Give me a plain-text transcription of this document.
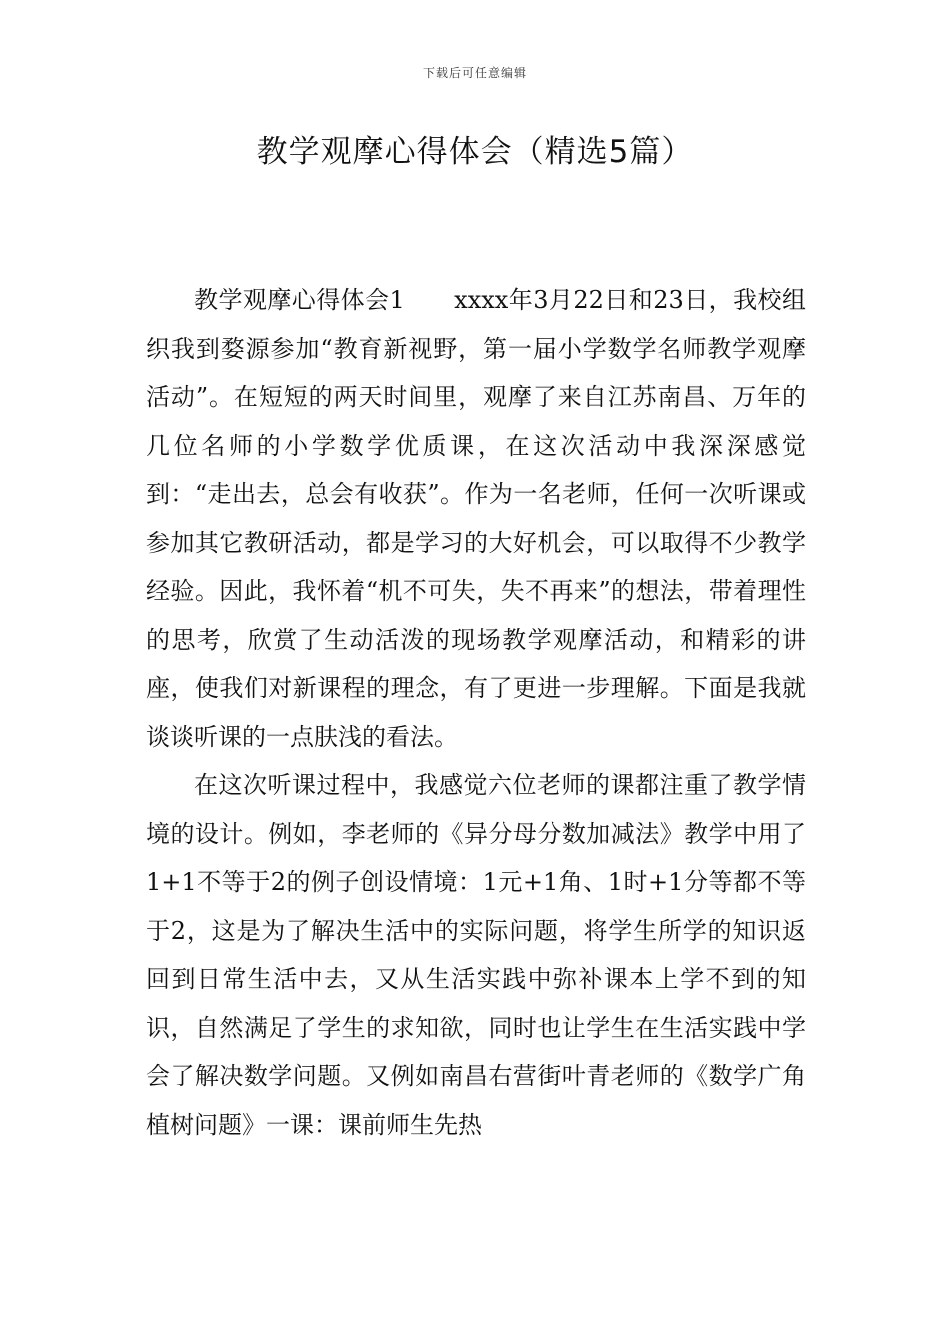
下载后可任意编辑
教学观摩心得体会（精选5篇）

教学观摩心得体会1　　xxxx年3月22日和23日，我校组织我到婺源参加“教育新视野，第一届小学数学名师教学观摩活动”。在短短的两天时间里，观摩了来自江苏南昌、万年的几位名师的小学数学优质课，在这次活动中我深深感觉到：“走出去，总会有收获”。作为一名老师，任何一次听课或参加其它教研活动，都是学习的大好机会，可以取得不少教学经验。因此，我怀着“机不可失，失不再来”的想法，带着理性的思考，欣赏了生动活泼的现场教学观摩活动，和精彩的讲座，使我们对新课程的理念，有了更进一步理解。下面是我就谈谈听课的一点肤浅的看法。

在这次听课过程中，我感觉六位老师的课都注重了教学情境的设计。例如，李老师的《异分母分数加减法》教学中用了1+1不等于2的例子创设情境：1元+1角、1时+1分等都不等于2，这是为了解决生活中的实际问题，将学生所学的知识返回到日常生活中去，又从生活实践中弥补课本上学不到的知识，自然满足了学生的求知欲，同时也让学生在生活实践中学会了解决数学问题。又例如南昌右营街叶青老师的《数学广角植树问题》一课：课前师生先热
